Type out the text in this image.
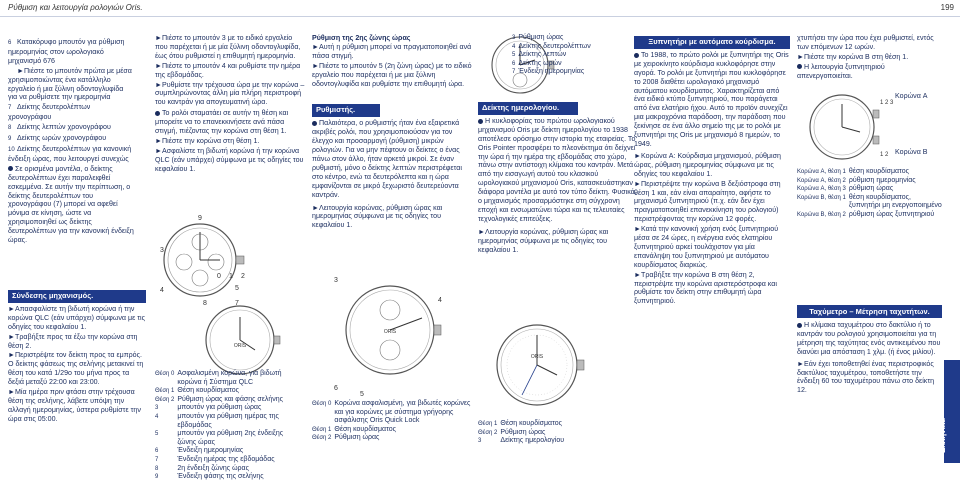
Ρύθμιση και λειτουργία ρολογιών Oris.	199

6 Κατακόρυφο μπουτόν για ρύθμιση ημερομηνίας στον ωρολογιακό μηχανισμό 676

►Πιέστε το μπουτόν πρώτα με μέσα χρησιμοποιώντας ένα κατάλληλο εργαλείο ή μια ξύλινη οδοντογλυφίδα για να ρυθμίσετε την ημερομηνία

7 Δείκτης δευτερολέπτων χρονογράφου

8 Δείκτης λεπτών χρονογράφου

9 Δείκτης ωρών χρονογράφου

10 Δείκτης δευτερολέπτων για κανονική ένδειξη ώρας, που λειτουργεί συνεχώς

Σε ορισμένα μοντέλα, ο δείκτης δευτερολέπτων έχει παραλειφθεί εσκεμμένα. Σε αυτήν την περίπτωση, ο δείκτης δευτερολέπτων του χρονογράφου (7) μπορεί να αφεθεί μόνιμα σε κίνηση, ώστε να χρησιμοποιηθεί ως δείκτης δευτερολέπτων για την κανονική ένδειξη ώρας.

Σύνδεσης μηχανισμός.

►Απασφαλίστε τη βιδωτή κορώνα ή την κορώνα QLC (εάν υπάρχει) σύμφωνα με τις οδηγίες του κεφαλαίου 1.

►Τραβήξτε προς τα έξω την κορώνα στη θέση 2.

►Περιστρέψτε τον δείκτη προς τα εμπρός. Ο δείκτης φάσεως της σελήνης μετακινεί τη θέση του κατά 1/29ο του μήνα προς τα δεξιά μεταξύ 22:00 και 23:00.

►Μία ημέρα πριν φτάσει στην τρέχουσα θέση της σελήνης, λάβετε υπόψη την αλλαγή ημερομηνίας, ύστερα ρυθμίστε την ώρα στις 05:00.

►Πιέστε το μπουτόν 3 με το ειδικό εργαλείο που παρέχεται ή με μία ξύλινη οδοντογλυφίδα, έως ότου ρυθμιστεί η επιθυμητή ημερομηνία.

►Πιέστε το μπουτόν 4 και ρυθμίστε την ημέρα της εβδομάδας.

►Ρυθμίστε την τρέχουσα ώρα με την κορώνα – συμπληρώνοντας άλλη μία πλήρη περιστροφή του καντράν για απογευματινή ώρα.

Το ρολόι σταματάει σε αυτήν τη θέση και μπορείτε να το επανεκκινήσετε ανά πάσα στιγμή, πιέζοντας την κορώνα στη θέση 1.

►Πιέστε την κορώνα στη θέση 1.

►Ασφαλίστε τη βιδωτή κορώνα ή την κορώνα QLC (εάν υπάρχει) σύμφωνα με τις οδηγίες του κεφαλαίου 1.

9
3
4	5
ORIS
8	7
0 1 2
Θέση 0	Ασφαλισμένη κορώνα, για βιδωτή κορώνα ή Σύστημα QLC
Θέση 1	Θέση κουρδίσματος
Θέση 2	Ρύθμιση ώρας και φάσης σελήνης
3	μπουτόν για ρύθμιση ώρας
4	μπουτόν για ρύθμιση ημέρας της εβδομάδας
5	μπουτόν για ρύθμιση 2ης ένδειξης ζώνης ώρας
6	Ένδειξη ημερομηνίας
7	Ένδειξη ημέρας της εβδομάδας
8	2η ένδειξη ζώνης ώρας
9	Ένδειξη φάσης της σελήνης
Ρύθμιση της 2ης ζώνης ώρας

►Αυτή η ρύθμιση μπορεί να πραγματοποιηθεί ανά πάσα στιγμή.

►Πιέστε το μπουτόν 5 (2η ζώνη ώρας) με το ειδικό εργαλείο που παρέχεται ή με μια ξύλινη οδοντογλυφίδα και ρυθμίστε την επιθυμητή ώρα.

Ρυθμιστής.

Παλαιότερα, ο ρυθμιστής ήταν ένα εξαιρετικά ακριβές ρολόι, που χρησιμοποιούσαν για τον έλεγχο και προσαρμογή (ρύθμιση) μικρών ρολογιών. Για να μην πέφτουν οι δείκτες ο ένας πάνω στον άλλο, ήταν αρκετά μικροί. Σε έναν ρυθμιστή, μόνο ο δείκτης λεπτών περιστρέφεται στο κέντρο, ενώ τα δευτερόλεπτα και η ώρα εμφανίζονται σε μικρό ξεχωριστό δευτερεύοντα καντράν.

►Λειτουργία κορώνας, ρύθμιση ώρας και ημερομηνίας σύμφωνα με τις οδηγίες του κεφαλαίου 1.

ORIS
3
6
5
4
Θέση 0	Κορώνα ασφαλισμένη, για βιδωτές κορώνες και για κορώνες με σύστημα γρήγορης ασφάλισης Oris Quick Lock
Θέση 1	Θέση κουρδίσματος
Θέση 2	Ρύθμιση ώρας
3	Ρύθμιση ώρας
4	Δείκτης δευτερολέπτων
5	Δείκτης λεπτών
6	Δείκτης ωρών
7	Ένδειξη ημερομηνίας
Δείκτης ημερολογίου.

Η κυκλοφορίας του πρώτου ωρολογιακού μηχανισμού Oris με δείκτη ημερολογίου το 1938 αποτέλεσε ορόσημο στην ιστορία της εταιρείας. Το Oris Pointer προσφέρει το πλεονέκτημα ότι δείχνει την ώρα ή την ημέρα της εβδομάδας στο χώρο, πάνω στην αντίστοιχη κλίμακα του καντράν. Μετά από την εισαγωγή αυτού του κλασικού ωρολογιακού μηχανισμού Oris, κατασκευάστηκαν διάφορα μοντέλα με αυτό τον τύπο δείκτη. Φυσικά, ο μηχανισμός προσαρμόστηκε στη σύγχρονη εποχή και ενσωματώνει τώρα και τις τελευταίες τεχνολογικές επιτεύξεις.

►Λειτουργία κορώνας, ρύθμιση ώρας και ημερομηνίας σύμφωνα με τις οδηγίες του κεφαλαίου 1.

ORIS
Θέση 1	Θέση κουρδίσματος
Θέση 2	Ρύθμιση ώρας
3	Δείκτης ημερολογίου
Ξυπνητήρι με αυτόματο κούρδισμα.

Το 1988, το πρώτο ρολόι με ξυπνητήρι της Oris με χειροκίνητο κούρδισμα κυκλοφόρησε στην αγορά. Το ρολόι με ξυπνητήρι που κυκλοφόρησε το 2008 διαθέτει ωρολογιακό μηχανισμό αυτόματου κουρδίσματος. Χαρακτηρίζεται από ένα ειδικό κτύπο ξυπνητηριού, που παράγεται από ένα ελατήριο ήχου. Αυτό το προϊόν συνεχίζει μια μακροχρόνια παράδοση, την παράδοση που ξεκίνησε σε ένα άλλο σημείο της με το ρολόι με ξυπνητήρι της Oris με μηχανισμό 8 ημερών, το 1949.

►Κορώνα A: Κούρδισμα μηχανισμού, ρύθμιση ώρας, ρύθμιση ημερομηνίας σύμφωνα με τις οδηγίες του κεφαλαίου 1.

►Περιστρέψτε την κορώνα B δεξιόστροφα στη θέση 1 και, εάν είναι απαραίτητο, αφήστε το μηχανισμό ξυπνητηριού (π.χ. εάν δεν έχει πραγματοποιηθεί επανεκκίνηση του ρολογιού) περιστρέφοντας την κορώνα 12 φορές.

►Κατά την κανονική χρήση ενός ξυπνητηριού μέσα σε 24 ώρες, η ενέργεια ενός ελατηρίου ξυπνητηριού αρκεί τουλάχιστον για μία επανάληψη του ξυπνητηριού με αυτόματου κουρδίσματος διαρκώς.

►Τραβήξτε την κορώνα B στη θέση 2, περιστρέψτε την κορώνα αριστερόστροφα και ρυθμίστε τον δείκτη στην επιθυμητή ώρα ξυπνητηριού.

χτυπήσει την ώρα που έχει ρυθμιστεί, εντός των επόμενων 12 ωρών.

►Πιέστε την κορώνα B στη θέση 1.

Η λειτουργία ξυπνητηριού απενεργοποιείται.

1 2 3
1 2
Κορώνα A
Κορώνα B
Κορώνα A, θέση 1	θέση κουρδίσματος
Κορώνα A, θέση 2	ρύθμιση ημερομηνίας
Κορώνα A, θέση 3	ρύθμιση ώρας
Κορώνα B, θέση 1	θέση κουρδίσματος, ξυπνητήρι μη ενεργοποιημένο
Κορώνα B, θέση 2	ρύθμιση ώρας ξυπνητηριού
Ταχύμετρο – Μέτρηση ταχυτήτων.

Η κλίμακα ταχυμέτρου στο δακτύλιο ή το καντράν του ρολογιού χρησιμοποιείται για τη μέτρηση της ταχύτητας ενός αντικειμένου που διανύει μια απόσταση 1 χλμ. (ή ένος μιλίου).

►Εάν έχει τοποθετηθεί ένας περιστροφικός δακτύλιος ταχυμέτρου, τοποθετήστε την ένδειξη 60 του ταχυμέτρου πάνω στο δείκτη 12.

Ελληνικά
